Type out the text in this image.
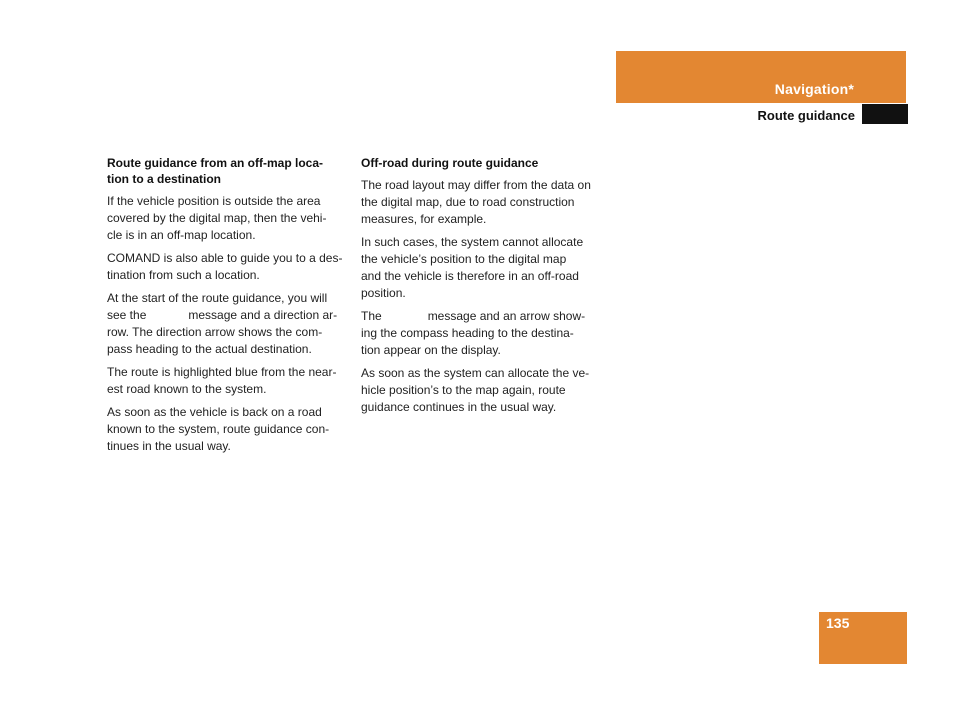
Navigation*
Route guidance
Route guidance from an off-map loca-
tion to a destination

If the vehicle position is outside the area
covered by the digital map, then the vehi-
cle is in an off-map location.

COMAND is also able to guide you to a des-
tination from such a location.

At the start of the route guidance, you will
see the	message and a direction ar-
row. The direction arrow shows the com-
pass heading to the actual destination.

The route is highlighted blue from the near-
est road known to the system.

As soon as the vehicle is back on a road
known to the system, route guidance con-
tinues in the usual way.

Off-road during route guidance

The road layout may differ from the data on
the digital map, due to road construction
measures, for example.

In such cases, the system cannot allocate
the vehicle’s position to the digital map
and the vehicle is therefore in an off-road
position.

The	message and an arrow show-
ing the compass heading to the destina-
tion appear on the display.

As soon as the system can allocate the ve-
hicle position’s to the map again, route
guidance continues in the usual way.

135
